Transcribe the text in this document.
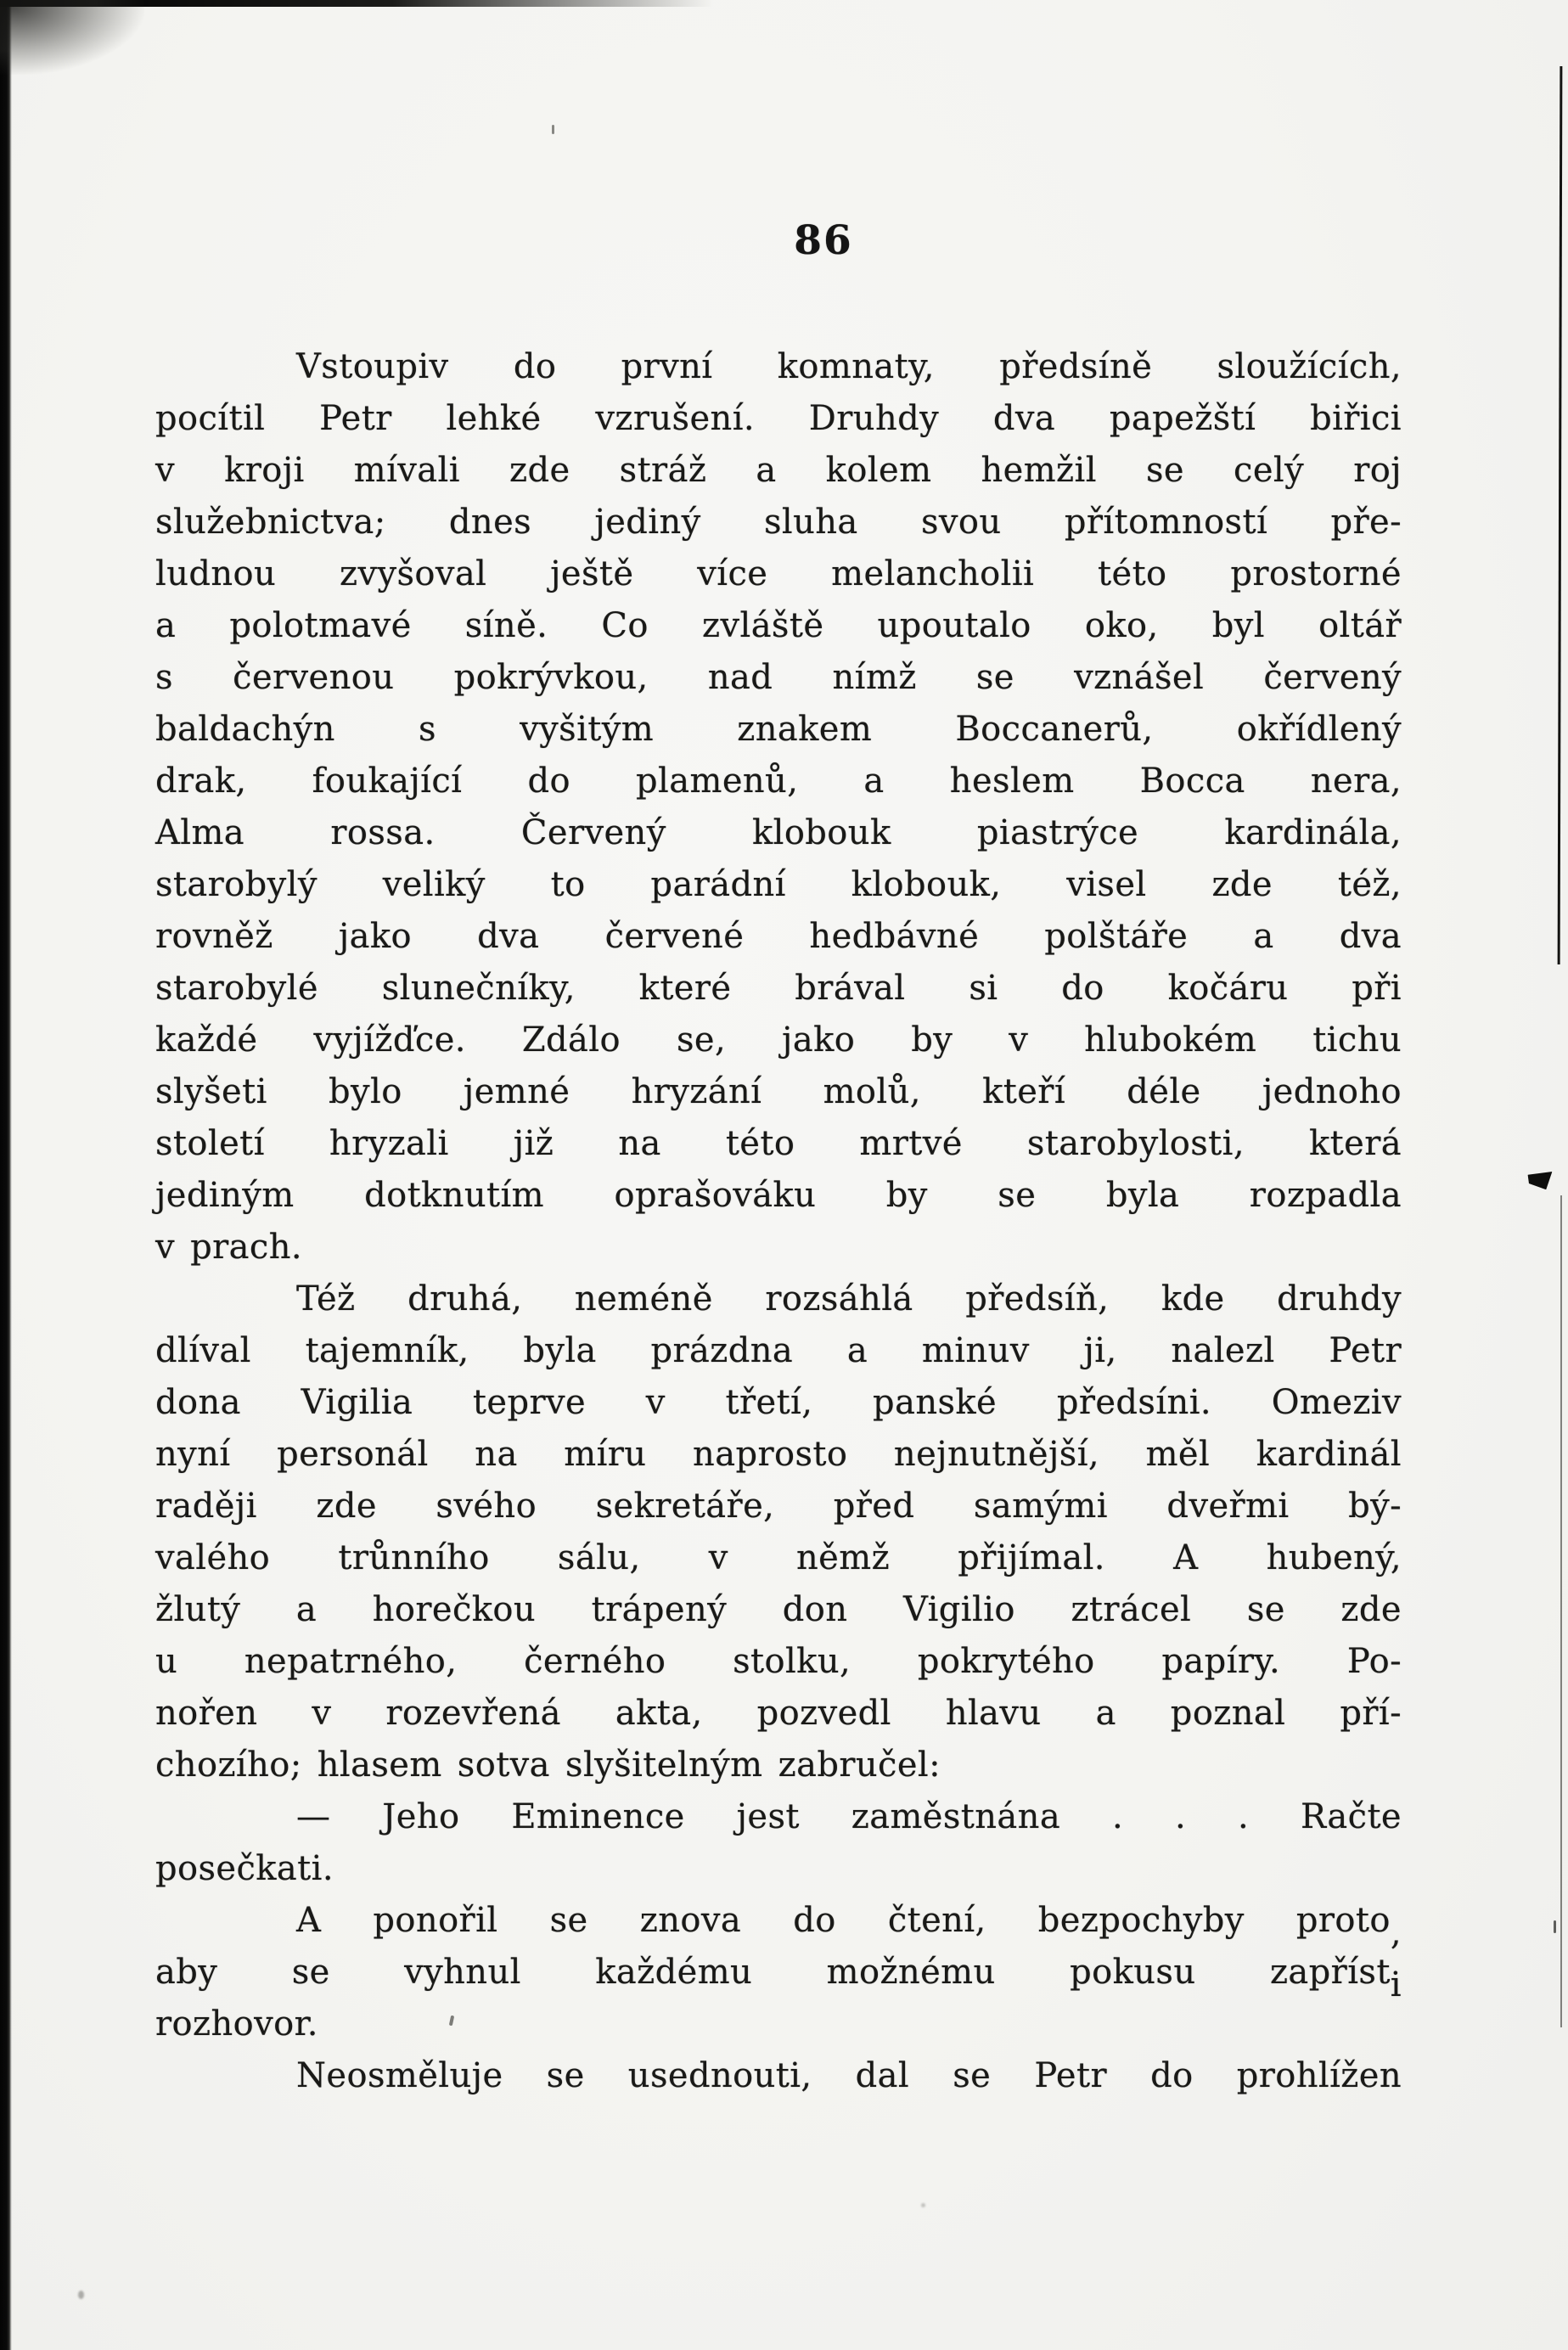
86
Vstoupiv do první komnaty, předsíně sloužících,
pocítil Petr lehké vzrušení. Druhdy dva papežští biřici
v kroji mívali zde stráž a kolem hemžil se celý roj
služebnictva; dnes jediný sluha svou přítomností pře-
ludnou zvyšoval ještě více melancholii této prostorné
a polotmavé síně. Co zvláště upoutalo oko, byl oltář
s červenou pokrývkou, nad nímž se vznášel červený
baldachýn s vyšitým znakem Boccanerů, okřídlený
drak, foukající do plamenů, a heslem Bocca nera,
Alma rossa. Červený klobouk piastrýce kardinála,
starobylý veliký to parádní klobouk, visel zde též,
rovněž jako dva červené hedbávné polštáře a dva
starobylé slunečníky, které brával si do kočáru při
každé vyjížďce. Zdálo se, jako by v hlubokém tichu
slyšeti bylo jemné hryzání molů, kteří déle jednoho
století hryzali již na této mrtvé starobylosti, která
jediným dotknutím oprašováku by se byla rozpadla
v prach.
Též druhá, neméně rozsáhlá předsíň, kde druhdy
dlíval tajemník, byla prázdna a minuv ji, nalezl Petr
dona Vigilia teprve v třetí, panské předsíni. Omeziv
nyní personál na míru naprosto nejnutnější, měl kardinál
raději zde svého sekretáře, před samými dveřmi bý-
valého trůnního sálu, v němž přijímal. A hubený,
žlutý a horečkou trápený don Vigilio ztrácel se zde
u nepatrného, černého stolku, pokrytého papíry. Po-
nořen v rozevřená akta, pozvedl hlavu a poznal pří-
chozího; hlasem sotva slyšitelným zabručel:
— Jeho Eminence jest zaměstnána . . . Račte
posečkati.
A ponořil se znova do čtení, bezpochyby proto,
aby se vyhnul každému možnému pokusu zapřísti
rozhovor.
Neosměluje se usednouti, dal se Petr do prohlížen
